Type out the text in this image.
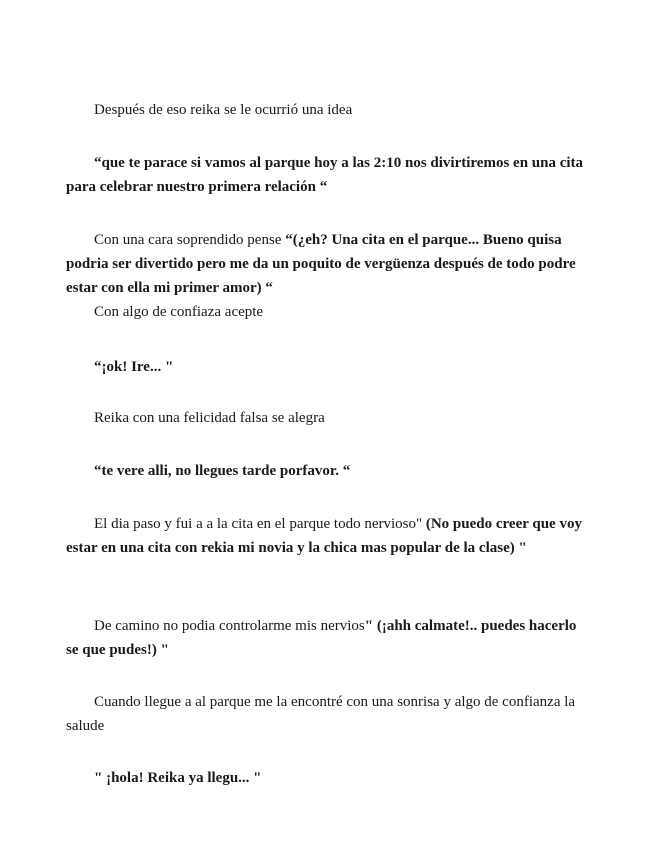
Después de eso reika se le ocurrió una idea

“que te parace si vamos al parque hoy a las 2:10 nos divirtiremos en una cita para celebrar nuestro primera relación “

Con una cara soprendido pense “(¿eh? Una cita en el parque... Bueno quisa podria ser divertido pero me da un poquito de vergüenza después de todo podre estar con ella mi primer amor) “

Con algo de confiaza acepte

“¡ok! Ire... "

Reika con una felicidad falsa se alegra

“te vere alli, no llegues tarde porfavor. “

El dia paso y fui a a la cita en el parque todo nervioso" (No puedo creer que voy estar en una cita con rekia mi novia y la chica mas popular de la clase) "

De camino no podia controlarme mis nervios" (¡ahh calmate!.. puedes hacerlo se que pudes!) "

Cuando llegue a al parque me la encontré con una sonrisa y algo de confianza la salude

" ¡hola! Reika ya llegu... "
